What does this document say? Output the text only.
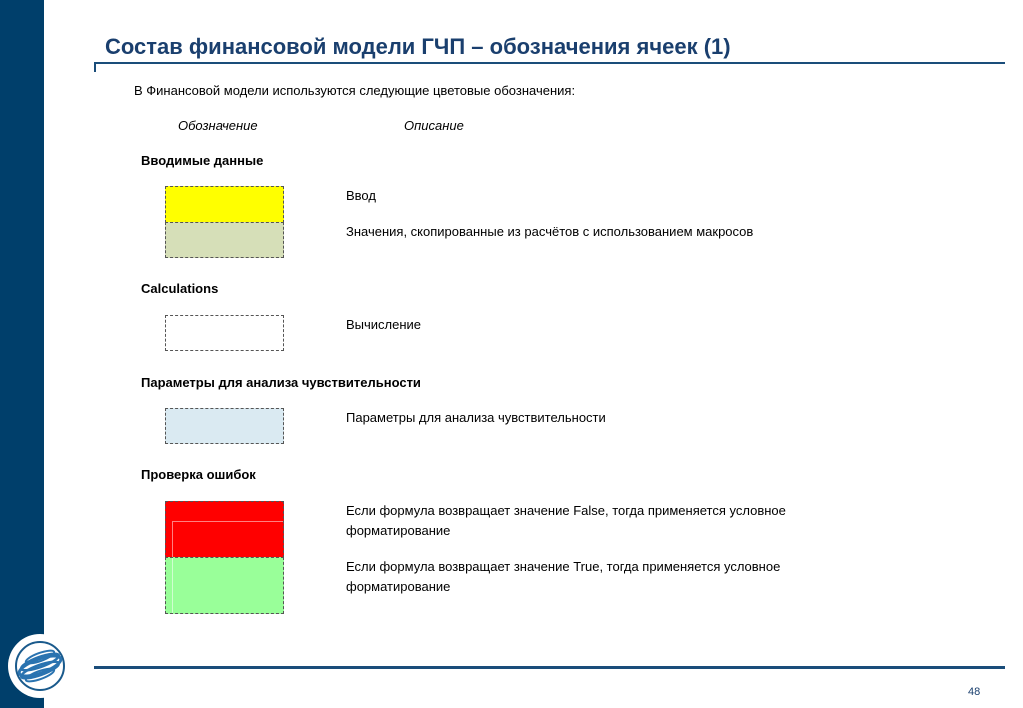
Состав финансовой модели ГЧП – обозначения ячеек (1)
В Финансовой модели используются следующие цветовые обозначения:
Обозначение	Описание
Вводимые данные
Ввод
Значения, скопированные из расчётов с использованием макросов
Calculations
Вычисление
Параметры для анализа чувствительности
Параметры для анализа чувствительности
Проверка ошибок
Если формула возвращает значение False, тогда применяется условное форматирование
Если формула возвращает значение True, тогда применяется условное форматирование
48
